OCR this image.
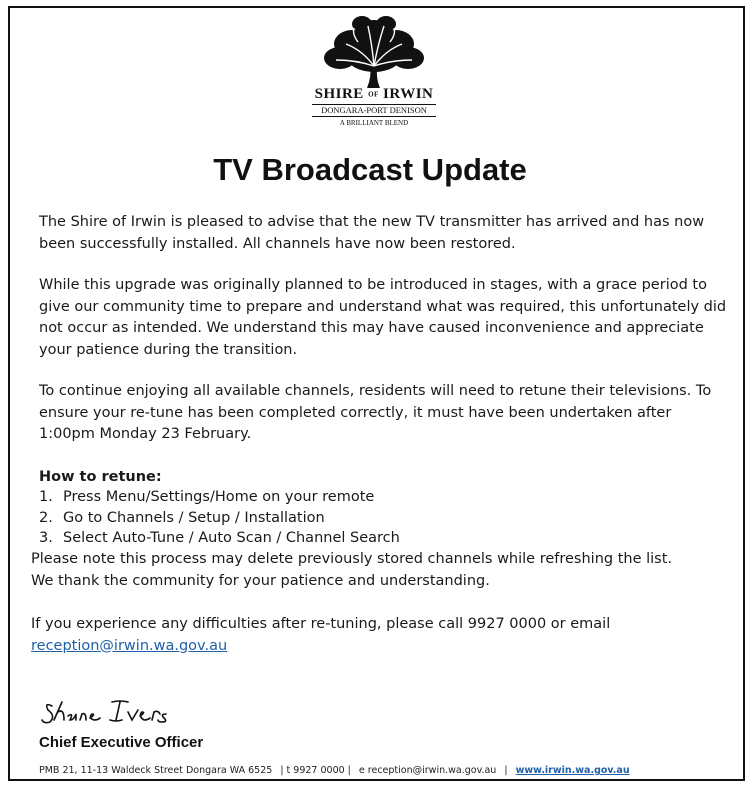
SHIRE OF IRWIN
DONGARA-PORT DENISON
A BRILLIANT BLEND
TV Broadcast Update

The Shire of Irwin is pleased to advise that the new TV transmitter has arrived and has now been successfully installed. All channels have now been restored.

While this upgrade was originally planned to be introduced in stages, with a grace period to give our community time to prepare and understand what was required, this unfortunately did not occur as intended. We understand this may have caused inconvenience and appreciate your patience during the transition.

To continue enjoying all available channels, residents will need to retune their televisions. To ensure your re-tune has been completed correctly, it must have been undertaken after 1:00pm Monday 23 February.

How to retune:
1. Press Menu/Settings/Home on your remote
2. Go to Channels / Setup / Installation
3. Select Auto-Tune / Auto Scan / Channel Search

Please note this process may delete previously stored channels while refreshing the list.

We thank the community for your patience and understanding.

If you experience any difficulties after re-tuning, please call 9927 0000 or email
reception@irwin.wa.gov.au

Chief Executive Officer
PMB 21, 11-13 Waldeck Street Dongara WA 6525 | t 9927 0000 | e reception@irwin.wa.gov.au | www.irwin.wa.gov.au
